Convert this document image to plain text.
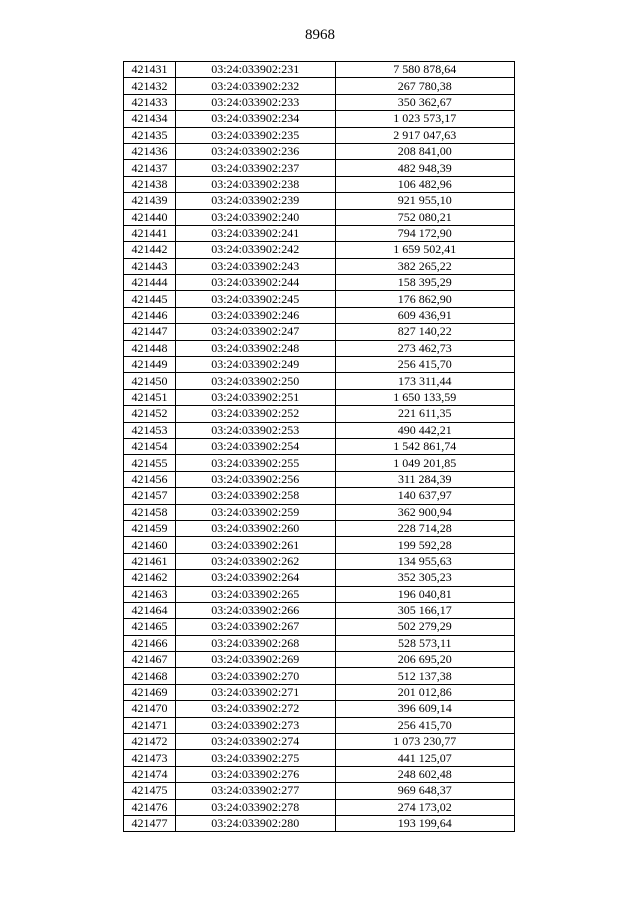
8968
421431	03:24:033902:231	7 580 878,64
421432	03:24:033902:232	267 780,38
421433	03:24:033902:233	350 362,67
421434	03:24:033902:234	1 023 573,17
421435	03:24:033902:235	2 917 047,63
421436	03:24:033902:236	208 841,00
421437	03:24:033902:237	482 948,39
421438	03:24:033902:238	106 482,96
421439	03:24:033902:239	921 955,10
421440	03:24:033902:240	752 080,21
421441	03:24:033902:241	794 172,90
421442	03:24:033902:242	1 659 502,41
421443	03:24:033902:243	382 265,22
421444	03:24:033902:244	158 395,29
421445	03:24:033902:245	176 862,90
421446	03:24:033902:246	609 436,91
421447	03:24:033902:247	827 140,22
421448	03:24:033902:248	273 462,73
421449	03:24:033902:249	256 415,70
421450	03:24:033902:250	173 311,44
421451	03:24:033902:251	1 650 133,59
421452	03:24:033902:252	221 611,35
421453	03:24:033902:253	490 442,21
421454	03:24:033902:254	1 542 861,74
421455	03:24:033902:255	1 049 201,85
421456	03:24:033902:256	311 284,39
421457	03:24:033902:258	140 637,97
421458	03:24:033902:259	362 900,94
421459	03:24:033902:260	228 714,28
421460	03:24:033902:261	199 592,28
421461	03:24:033902:262	134 955,63
421462	03:24:033902:264	352 305,23
421463	03:24:033902:265	196 040,81
421464	03:24:033902:266	305 166,17
421465	03:24:033902:267	502 279,29
421466	03:24:033902:268	528 573,11
421467	03:24:033902:269	206 695,20
421468	03:24:033902:270	512 137,38
421469	03:24:033902:271	201 012,86
421470	03:24:033902:272	396 609,14
421471	03:24:033902:273	256 415,70
421472	03:24:033902:274	1 073 230,77
421473	03:24:033902:275	441 125,07
421474	03:24:033902:276	248 602,48
421475	03:24:033902:277	969 648,37
421476	03:24:033902:278	274 173,02
421477	03:24:033902:280	193 199,64
